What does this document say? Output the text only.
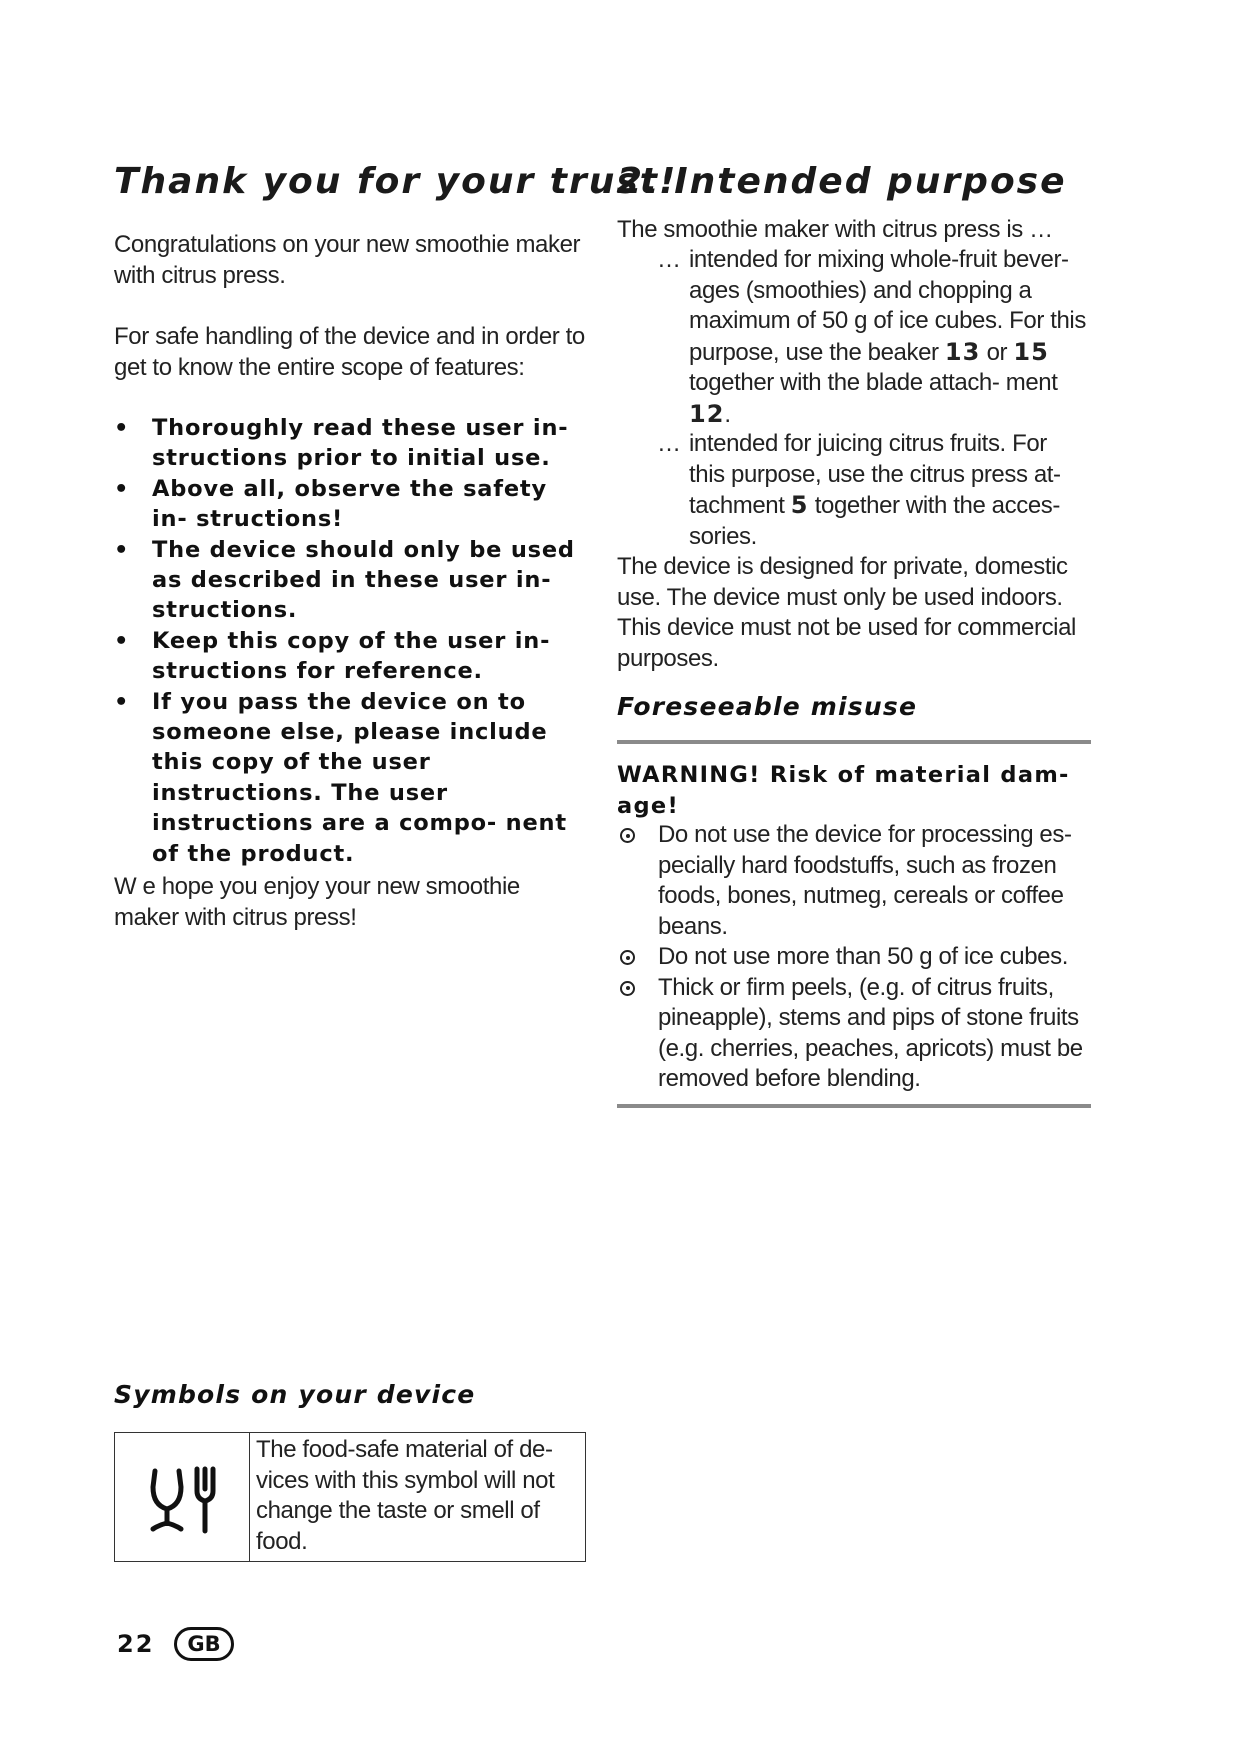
Thank you for your trust!

Congratulations on your new smoothie maker with citrus press.

For safe handling of the device and in order to get to know the entire scope of features:

•	Thoroughly read these user in- structions prior to initial use.
•	Above all, observe the safety in- structions!
•	The device should only be used as described in these user in- structions.
•	Keep this copy of the user in- structions for reference.
•	If you pass the device on to someone else, please include this copy of the user instructions. The user instructions are a compo- nent of the product.

W e hope you enjoy your new smoothie maker with citrus press!

Symbols on your device
The food-safe material of de- vices with this symbol will not change the taste or smell of food.
2. Intended purpose

The smoothie maker with citrus press is …

… intended for mixing whole-fruit bever- ages (smoothies) and chopping a maximum of 50 g of ice cubes. For this purpose, use the beaker 13 or 15 together with the blade attach- ment 12.
… intended for juicing citrus fruits. For this purpose, use the citrus press at- tachment 5 together with the acces- sories.

The device is designed for private, domestic use. The device must only be used indoors. This device must not be used for commercial purposes.

Foreseeable misuse

WARNING! Risk of material dam- age!

Do not use the device for processing es- pecially hard foodstuffs, such as frozen foods, bones, nutmeg, cereals or coffee beans.
Do not use more than 50 g of ice cubes.
Thick or firm peels, (e.g. of citrus fruits, pineapple), stems and pips of stone fruits (e.g. cherries, peaches, apricots) must be removed before blending.

22	GB
